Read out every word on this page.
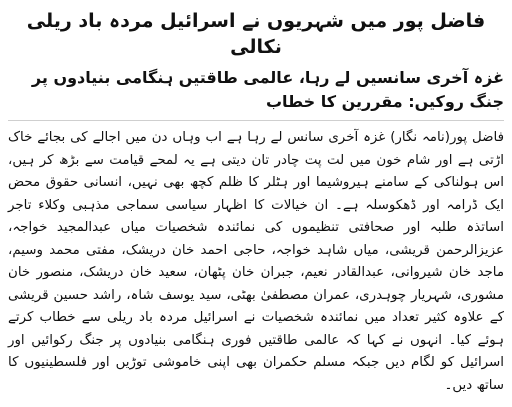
فاضل پور میں شہریوں نے اسرائیل مردہ باد ریلی نکالی
غزہ آخری سانسیں لے رہا، عالمی طاقتیں ہنگامی بنیادوں پر جنگ روکیں: مقررین کا خطاب

فاضل پور(نامہ نگار) غزہ آخری سانس لے رہا ہے اب وہاں دن میں اجالے کی بجائے خاک اڑتی ہے اور شام خون میں لت پت چادر تان دیتی ہے یہ لمحے قیامت سے بڑھ کر ہیں، اس ہولناکی کے سامنے ہیروشیما اور ہٹلر کا ظلم کچھ بھی نہیں، انسانی حقوق محض ایک ڈرامہ اور ڈھکوسلہ ہے۔ ان خیالات کا اظہار سیاسی سماجی مذہبی وکلاء تاجر اساتذہ طلبہ اور صحافتی تنظیموں کی نمائندہ شخصیات میاں عبدالمجید خواجہ، عزیزالرحمن قریشی، میاں شاہد خواجہ، حاجی احمد خان دریشک، مفتی محمد وسیم، ماجد خان شیروانی، عبدالقادر نعیم، جبران خان پٹھان، سعید خان دریشک، منصور خان مشوری، شہریار چوہدری، عمران مصطفیٰ بھٹی، سید یوسف شاہ، راشد حسین قریشی کے علاوہ کثیر تعداد میں نمائندہ شخصیات نے اسرائیل مردہ باد ریلی سے خطاب کرتے ہوئے کیا۔ انہوں نے کہا کہ عالمی طاقتیں فوری ہنگامی بنیادوں پر جنگ رکوائیں اور اسرائیل کو لگام دیں جبکہ مسلم حکمران بھی اپنی خاموشی توڑیں اور فلسطینیوں کا ساتھ دیں۔
